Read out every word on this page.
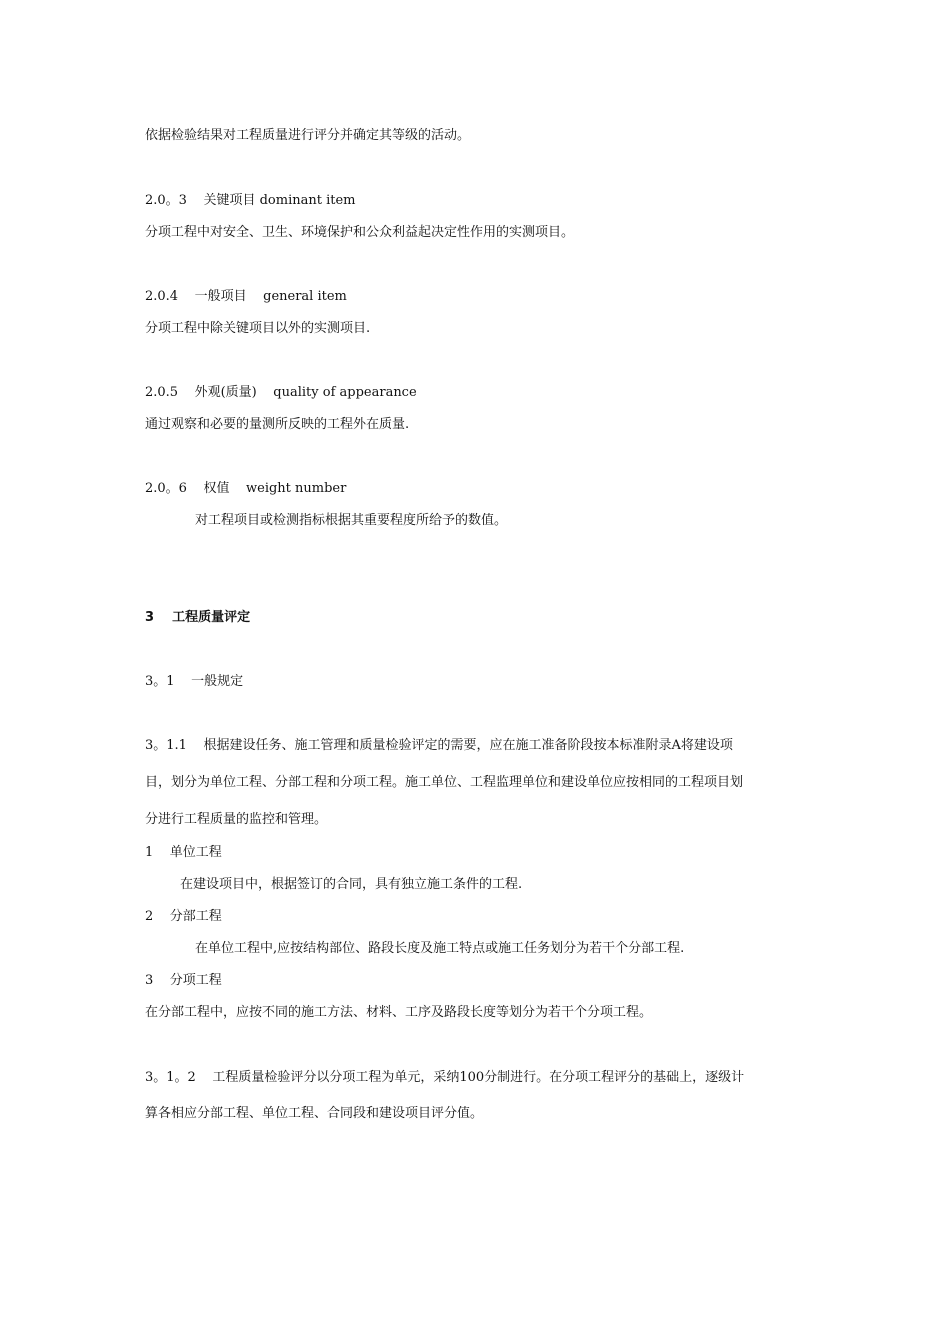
依据检验结果对工程质量进行评分并确定其等级的活动。
2.0。3    关键项目 dominant item
分项工程中对安全、卫生、环境保护和公众利益起决定性作用的实测项目。
2.0.4    一般项目    general item
分项工程中除关键项目以外的实测项目.
2.0.5    外观(质量)    quality of appearance
通过观察和必要的量测所反映的工程外在质量.
2.0。6    权值    weight number
对工程项目或检测指标根据其重要程度所给予的数值。
3    工程质量评定
3。1    一般规定
3。1.1    根据建设任务、施工管理和质量检验评定的需要，应在施工准备阶段按本标准附录A将建设项
目，划分为单位工程、分部工程和分项工程。施工单位、工程监理单位和建设单位应按相同的工程项目划
分进行工程质量的监控和管理。
1    单位工程
在建设项目中，根据签订的合同，具有独立施工条件的工程.
2    分部工程
在单位工程中,应按结构部位、路段长度及施工特点或施工任务划分为若干个分部工程.
3    分项工程
在分部工程中，应按不同的施工方法、材料、工序及路段长度等划分为若干个分项工程。
3。1。2    工程质量检验评分以分项工程为单元，采纳100分制进行。在分项工程评分的基础上，逐级计
算各相应分部工程、单位工程、合同段和建设项目评分值。
